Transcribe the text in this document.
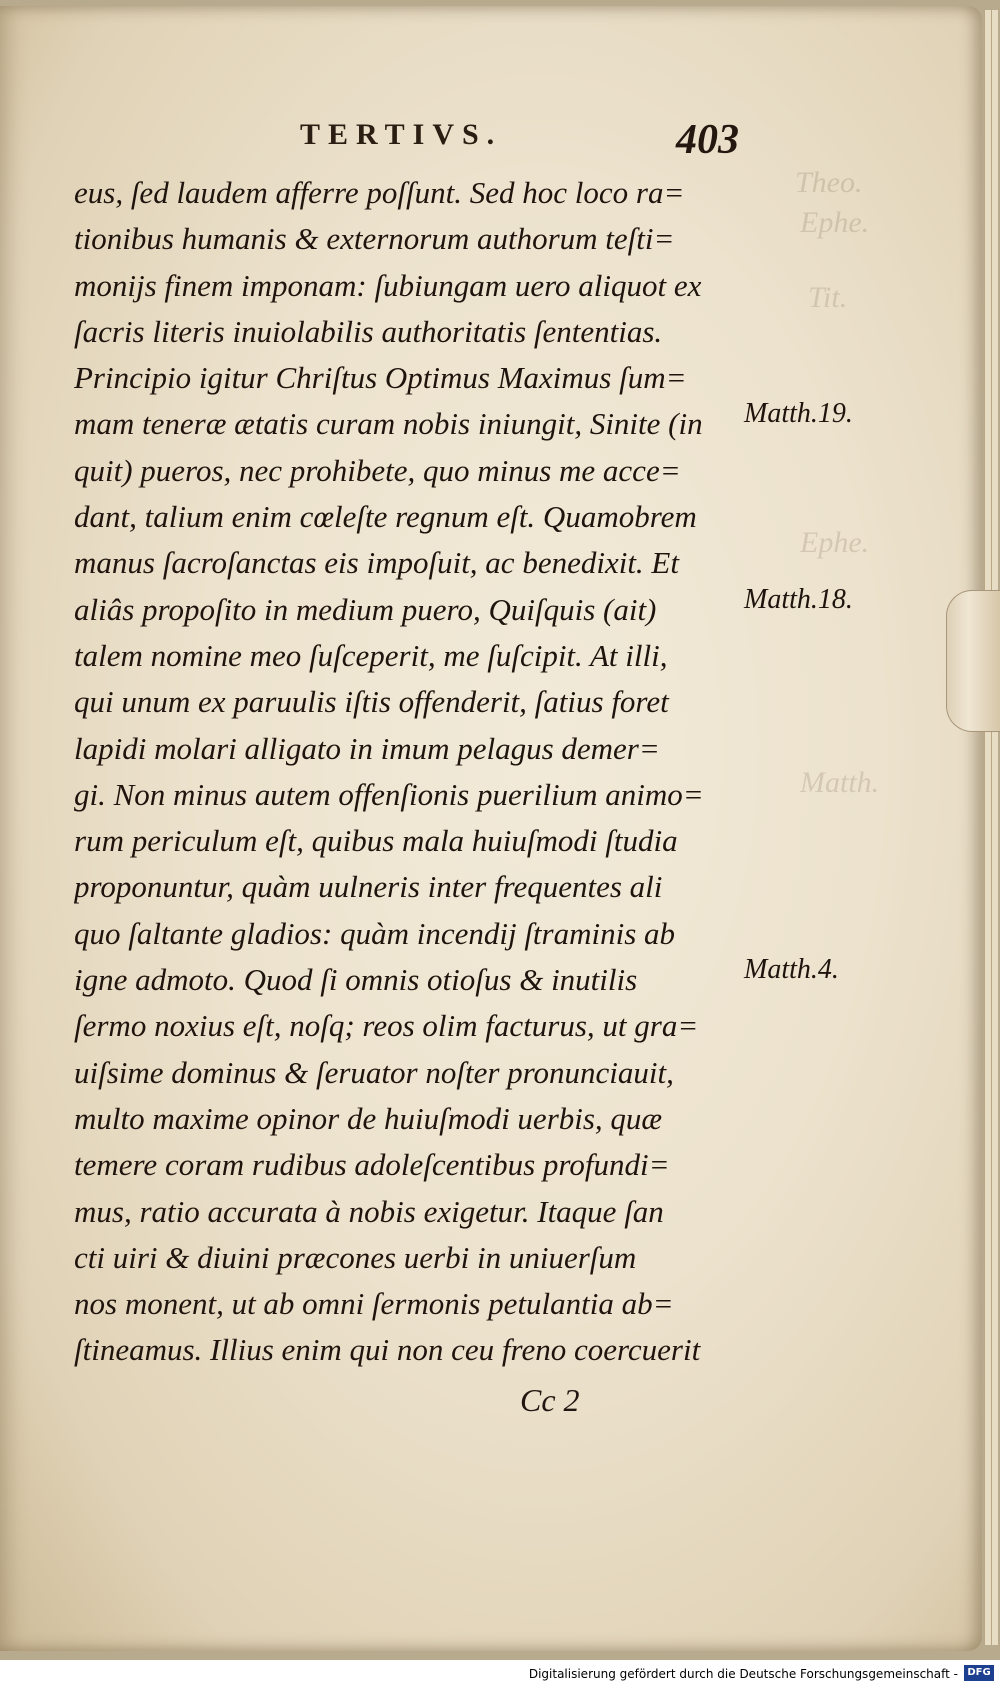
Theo.
Ephe.
Tit.
Ephe.
Matth.
TERTIVS.	403
eus, ſed laudem afferre poſſunt. Sed hoc loco ra=
tionibus humanis & externorum authorum teſti=
monijs finem imponam: ſubiungam uero aliquot ex
ſacris literis inuiolabilis authoritatis ſententias.
Principio igitur Chriſtus Optimus Maximus ſum=
mam teneræ ætatis curam nobis iniungit, Sinite (in
quit) pueros, nec prohibete, quo minus me acce=
dant, talium enim cœleſte regnum eſt. Quamobrem
manus ſacroſanctas eis impoſuit, ac benedixit. Et
aliâs propoſito in medium puero, Quiſquis (ait)
talem nomine meo ſuſceperit, me ſuſcipit. At illi,
qui unum ex paruulis iſtis offenderit, ſatius foret
lapidi molari alligato in imum pelagus demer=
gi. Non minus autem offenſionis puerilium animo=
rum periculum eſt, quibus mala huiuſmodi ſtudia
proponuntur, quàm uulneris inter frequentes ali
quo ſaltante gladios: quàm incendij ſtraminis ab
igne admoto. Quod ſi omnis otioſus & inutilis
ſermo noxius eſt, noſq; reos olim facturus, ut gra=
uiſsime dominus & ſeruator noſter pronunciauit,
multo maxime opinor de huiuſmodi uerbis, quæ
temere coram rudibus adoleſcentibus profundi=
mus, ratio accurata à nobis exigetur. Itaque ſan
cti uiri & diuini præcones uerbi in uniuerſum
nos monent, ut ab omni ſermonis petulantia ab=
ſtineamus. Illius enim qui non ceu freno coercuerit
Matth.19.
Matth.18.
Matth.4.
Cc 2
Digitalisierung gefördert durch die Deutsche Forschungsgemeinschaft - DFG
